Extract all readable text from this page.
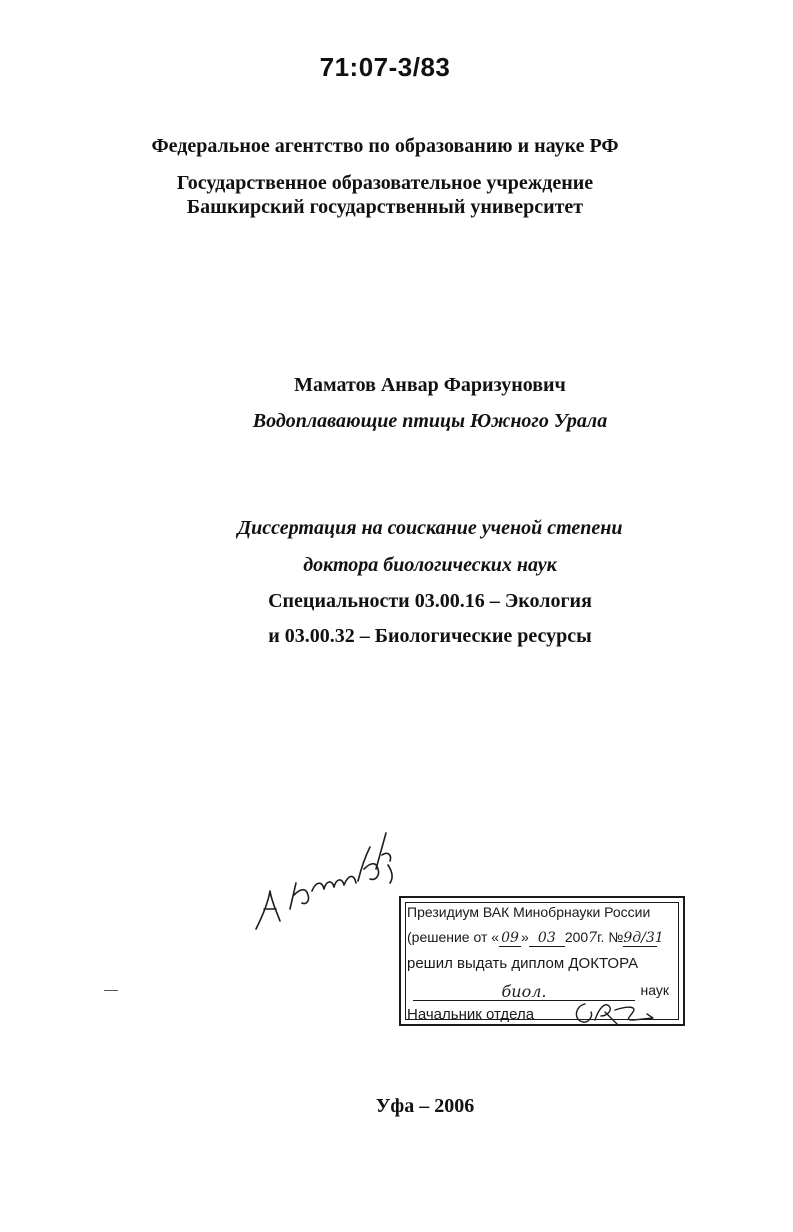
71:07-3/83
Федеральное агентство по образованию и науке РФ
Государственное образовательное учреждение
Башкирский государственный университет
Маматов Анвар Фаризунович
Водоплавающие птицы Южного Урала
Диссертация на соискание ученой степени
доктора биологических наук
Специальности 03.00.16 – Экология
и 03.00.32 – Биологические ресурсы
Президиум ВАК Минобрнауки России
(решение от « 09 » 03 2007г. №9д/31
решил выдать диплом ДОКТОРА
биол.	наук
Начальник отдела
Уфа – 2006
